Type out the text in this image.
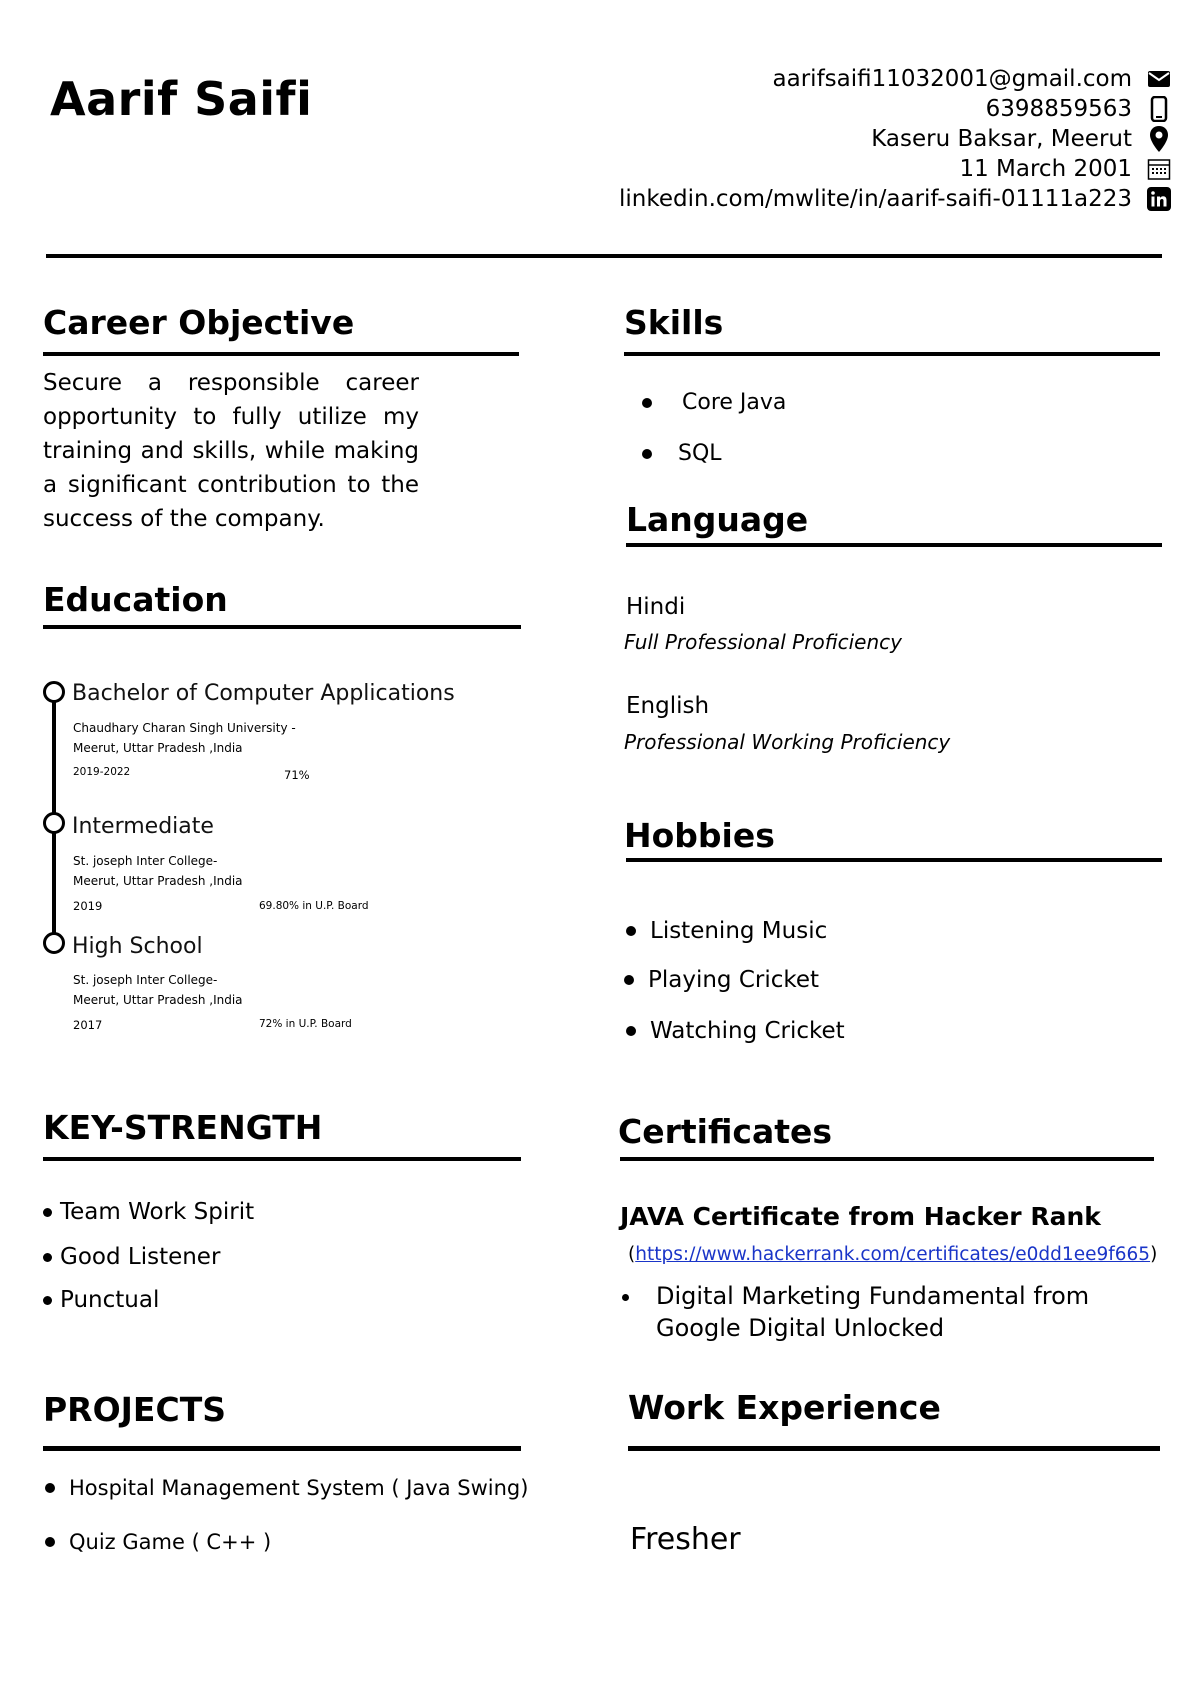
Aarif Saifi	aarifsaifi11032001@gmail.com
6398859563
Kaseru Baksar, Meerut
11 March 2001
linkedin.com/mwlite/in/aarif-saifi-01111a223
Career Objective
Secure a responsible career opportunity to fully utilize my training and skills, while making a significant contribution to the success of the company.
Education
Bachelor of Computer Applications
Chaudhary Charan Singh University -
Meerut, Uttar Pradesh ,India
2019-2022	71%
Intermediate
St. joseph Inter College-
Meerut, Uttar Pradesh ,India
2019	69.80% in U.P. Board
High School
St. joseph Inter College-
Meerut, Uttar Pradesh ,India
2017	72% in U.P. Board
KEY-STRENGTH
Team Work Spirit
Good Listener
Punctual
PROJECTS
Hospital Management System ( Java Swing)
Quiz Game ( C++ )
Skills
Core Java
SQL
Language
Hindi
Full Professional Proficiency
English
Professional Working Proficiency
Hobbies
Listening Music
Playing Cricket
Watching Cricket
Certificates
JAVA Certificate from Hacker Rank
(https://www.hackerrank.com/certificates/e0dd1ee9f665)
Digital Marketing Fundamental from Google Digital Unlocked
Work Experience
Fresher
